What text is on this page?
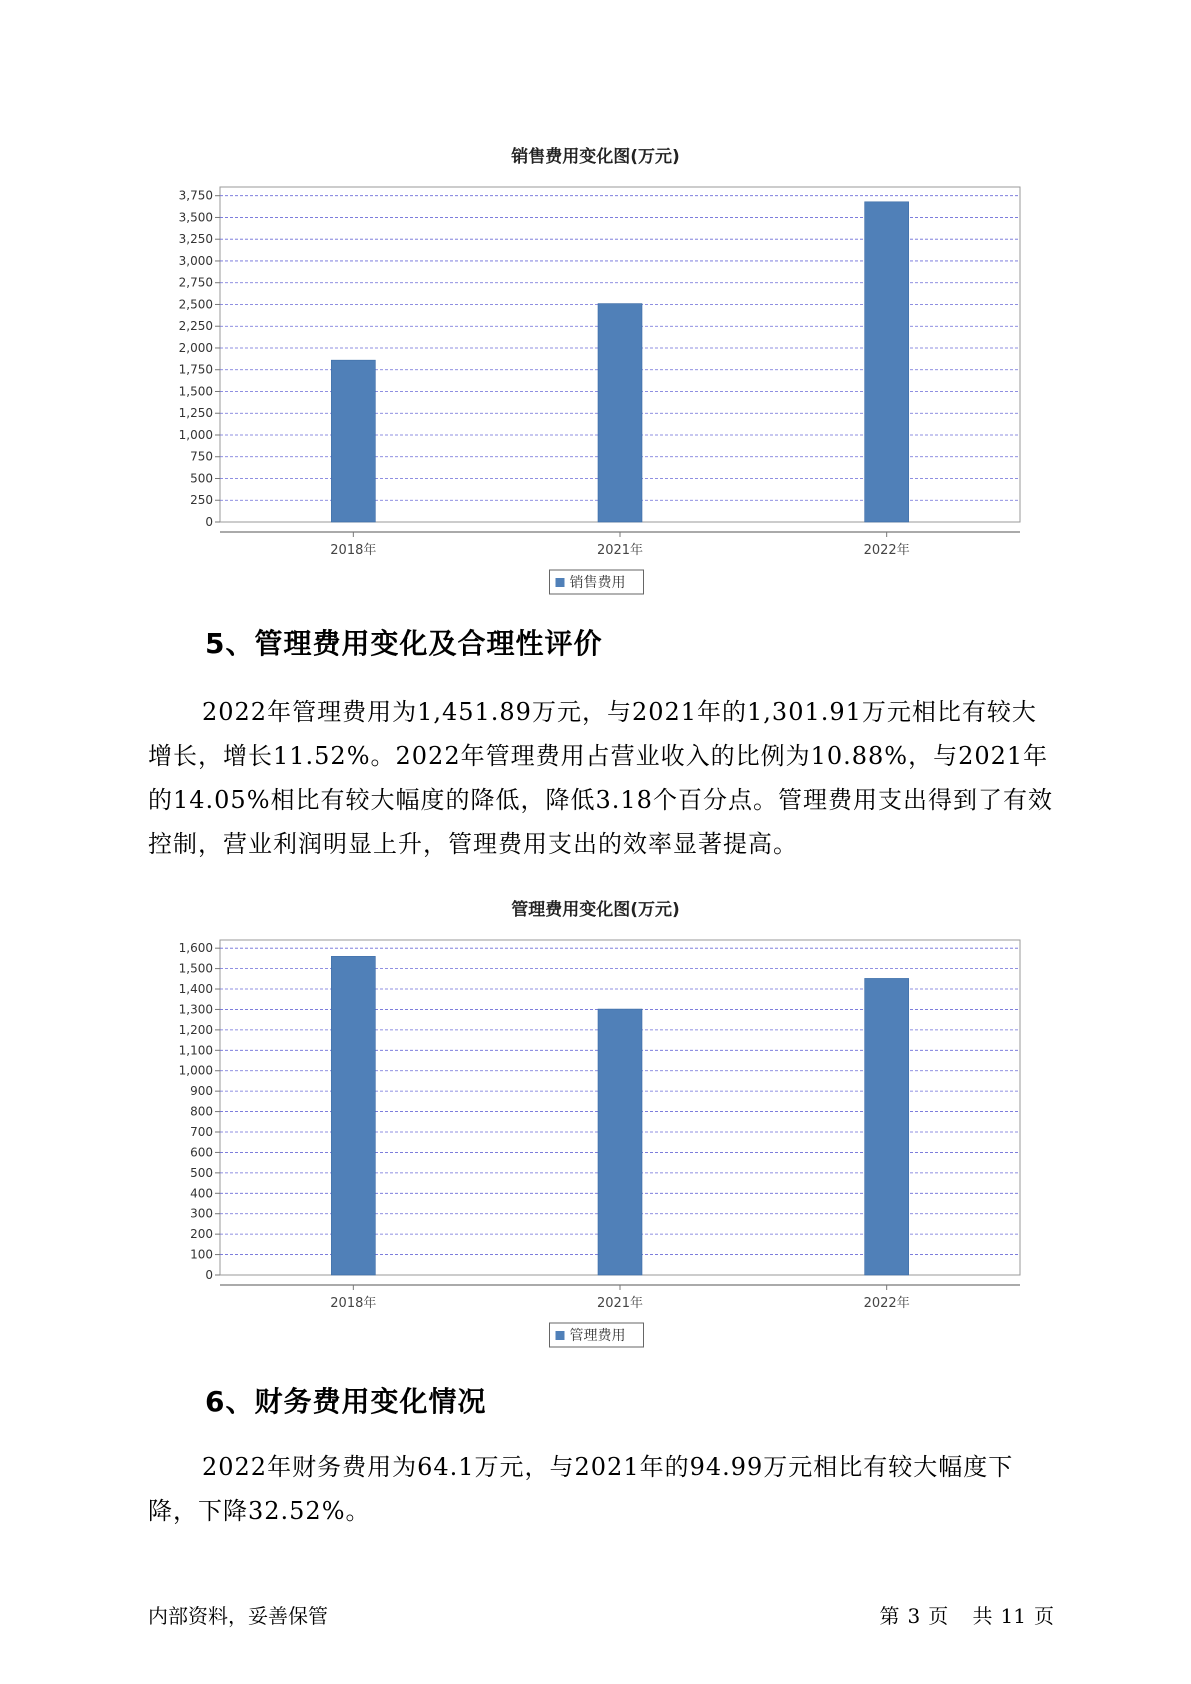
销售费用变化图(万元)
0
250
500
750
1,000
1,250
1,500
1,750
2,000
2,250
2,500
2,750
3,000
3,250
3,500
3,750
2018年	2021年	2022年
销售费用
5、管理费用变化及合理性评价

2022年管理费用为1,451.89万元，与2021年的1,301.91万元相比有较大增长，增长11.52%。2022年管理费用占营业收入的比例为10.88%，与2021年的14.05%相比有较大幅度的降低，降低3.18个百分点。管理费用支出得到了有效控制，营业利润明显上升，管理费用支出的效率显著提高。

管理费用变化图(万元)
0
100
200
300
400
500
600
700
800
900
1,000
1,100
1,200
1,300
1,400
1,500
1,600
2018年	2021年	2022年
管理费用
6、财务费用变化情况

2022年财务费用为64.1万元，与2021年的94.99万元相比有较大幅度下降，下降32.52%。

内部资料，妥善保管	第 3 页 共 11 页
